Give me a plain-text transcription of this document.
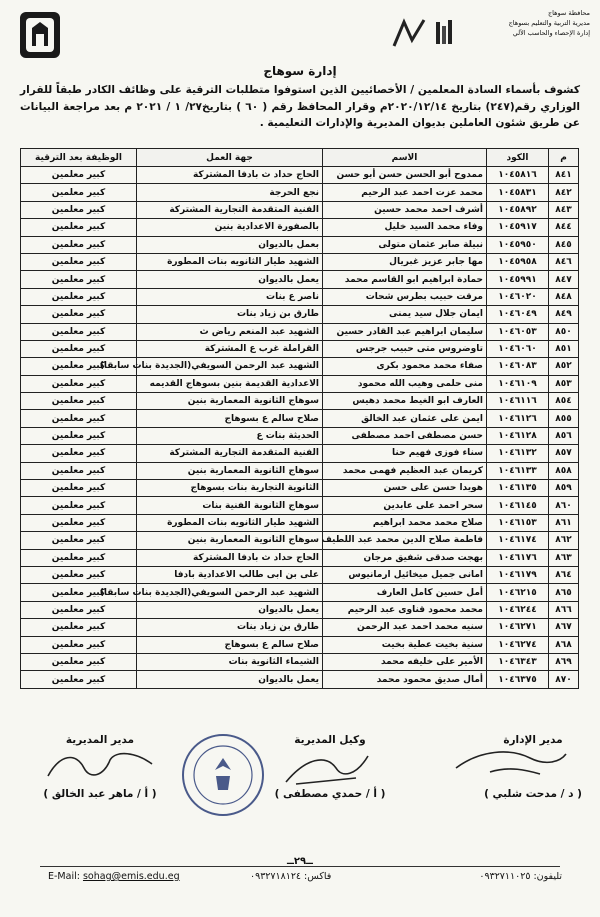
محافظة سوهاج
مديرية التربية والتعليم بسوهاج
إدارة الإحصاء والحاسب الآلي
إدارة سوهاج
كشوف بأسماء السادة المعلمين / الأخصائيين الذين استوفوا متطلبات الترقية على وظائف الكادر طبقاً للقرار الوزاري رقم(٢٤٧) بتاريخ ٢٠٢٠/١٢/١٤م وقرار المحافظ رقم ( ٦٠ ) بتاريخ٢٧/ ١ / ٢٠٢١ م بعد مراجعة البيانات عن طريق شئون العاملين بديوان المديرية والإدارات التعليمية .
م	الكود	الاسم	جهة العمل	الوظيفة بعد الترقية
٨٤١	١٠٤٥٨١٦	ممدوح أبو الحسن حسن أبو حسن	الحاج حداد ث بادفا المشتركة	كبير معلمين
٨٤٢	١٠٤٥٨٣١	محمد عزت احمد عبد الرحيم	نجع الحرجة	كبير معلمين
٨٤٣	١٠٤٥٨٩٢	أشرف احمد محمد حسين	الفنية المتقدمة التجارية المشتركة	كبير معلمين
٨٤٤	١٠٤٥٩١٧	وفاء محمد السيد خليل	بالصفورة الاعدادية بنين	كبير معلمين
٨٤٥	١٠٤٥٩٥٠	نبيلة صابر عثمان متولى	بعمل بالديوان	كبير معلمين
٨٤٦	١٠٤٥٩٥٨	مها جابر عزيز غبريال	الشهيد طيار الثانويه بنات المطورة	كبير معلمين
٨٤٧	١٠٤٥٩٩١	حمادة ابراهيم ابو القاسم محمد	يعمل بالديوان	كبير معلمين
٨٤٨	١٠٤٦٠٢٠	مرقت حبيب بطرس شحات	ناصر ع بنات	كبير معلمين
٨٤٩	١٠٤٦٠٤٩	ايمان جلال سيد يمنى	طارق بن زياد بنات	كبير معلمين
٨٥٠	١٠٤٦٠٥٣	سليمان ابراهيم عبد القادر حسين	الشهيد عبد المنعم رياض ث	كبير معلمين
٨٥١	١٠٤٦٠٦٠	تاوضروس متى حبيب جرجس	القراملة غرب ع المشتركة	كبير معلمين
٨٥٢	١٠٤٦٠٨٣	صفاء محمد محمود بكرى	الشهيد عبد الرحمن السويفي(الجديدة بنات سابقا)	كبير معلمين
٨٥٣	١٠٤٦١٠٩	منى حلمى وهيب الله محمود	الاعدادية القديمة بنين بسوهاج القديمه	كبير معلمين
٨٥٤	١٠٤٦١١٦	العارف ابو الغيط محمد دهيس	سوهاج الثانوية المعمارية بنين	كبير معلمين
٨٥٥	١٠٤٦١٢٦	ايمن على عثمان عبد الخالق	صلاح سالم ع بسوهاج	كبير معلمين
٨٥٦	١٠٤٦١٢٨	حسن مصطفى احمد مصطفى	الحديثة بنات ع	كبير معلمين
٨٥٧	١٠٤٦١٣٢	سناء فوزى فهيم حنا	الفنية المتقدمة التجارية المشتركة	كبير معلمين
٨٥٨	١٠٤٦١٣٣	كريمان عبد العظيم فهمى محمد	سوهاج الثانوية المعمارية بنين	كبير معلمين
٨٥٩	١٠٤٦١٣٥	هويدا حسن على حسن	الثانوية التجارية بنات بسوهاج	كبير معلمين
٨٦٠	١٠٤٦١٤٥	سحر احمد على عابدين	سوهاج الثانوية الفنية بنات	كبير معلمين
٨٦١	١٠٤٦١٥٣	صلاح محمد محمد ابراهيم	الشهيد طيار الثانويه بنات المطورة	كبير معلمين
٨٦٢	١٠٤٦١٧٤	فاطمة صلاح الدين محمد عبد اللطيف	سوهاج الثانوية المعمارية بنين	كبير معلمين
٨٦٣	١٠٤٦١٧٦	بهجت صدقى شفيق مرجان	الحاج حداد ث بادفا المشتركة	كبير معلمين
٨٦٤	١٠٤٦١٧٩	امانى جميل ميخائيل ارمانيوس	على بن ابى طالب الاعدادية بادفا	كبير معلمين
٨٦٥	١٠٤٦٢١٥	أمل حسين كامل العارف	الشهيد عبد الرحمن السويفي(الجديدة بنات سابقا)	كبير معلمين
٨٦٦	١٠٤٦٢٤٤	محمد محمود قناوى عبد الرحيم	يعمل بالديوان	كبير معلمين
٨٦٧	١٠٤٦٢٧١	سنيه محمد احمد عبد الرحمن	طارق بن زياد بنات	كبير معلمين
٨٦٨	١٠٤٦٢٧٤	سنية بخيت عطية بخيت	صلاح سالم ع بسوهاج	كبير معلمين
٨٦٩	١٠٤٦٣٤٣	الأمير على خليفه محمد	الشيماء الثانوية بنات	كبير معلمين
٨٧٠	١٠٤٦٣٧٥	أمال صديق محمود محمد	يعمل بالديوان	كبير معلمين
مدير الإدارة
( د / مدحت شلبي )
وكيل المديرية
( أ / حمدي مصطفى )
مدير المديرية
( أ / ماهر عبد الخالق )
ــ٢٩ــ
E-Mail: sohag@emis.edu.eg	فاكس: ٠٩٣٢٧١٨١٢٤	تليفون: ٠٩٣٢٧١١٠٢٥
